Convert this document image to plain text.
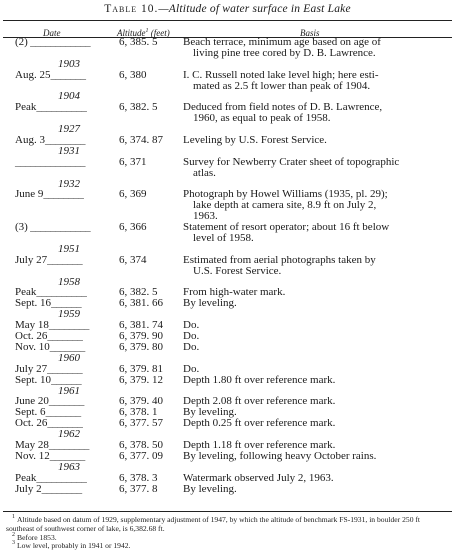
Table 10.—Altitude of water surface in East Lake
Date	Altitude$^1$ (feet)	Basis
(2) ____________	6, 385. 5	Beach terrace, minimum age based on age of
living pine tree cored by D. B. Lawrence.
1903
Aug. 25_______	6, 380	I. C. Russell noted lake level high; here esti-
mated as 2.5 ft lower than peak of 1904.
1904
Peak__________	6, 382. 5	Deduced from field notes of D. B. Lawrence,
1960, as equal to peak of 1958.
1927
Aug. 3________	6, 374. 87	Leveling by U.S. Forest Service.
1931
______________	6, 371	Survey for Newberry Crater sheet of topographic
atlas.
1932
June 9________	6, 369	Photograph by Howel Williams (1935, pl. 29);
lake depth at camera site, 8.9 ft on July 2,
1963.
(3) ____________	6, 366	Statement of resort operator; about 16 ft below
level of 1958.
1951
July 27_______	6, 374	Estimated from aerial photographs taken by
U.S. Forest Service.
1958
Peak__________	6, 382. 5	From high-water mark.
Sept. 16______	6, 381. 66	By leveling.
1959
May 18________	6, 381. 74	Do.
Oct. 26_______	6, 379. 90	Do.
Nov. 10_______	6, 379. 80	Do.
1960
July 27_______	6, 379. 81	Do.
Sept. 10______	6, 379. 12	Depth 1.80 ft over reference mark.
1961
June 20_______	6, 379. 40	Depth 2.08 ft over reference mark.
Sept. 6_______	6, 378. 1	By leveling.
Oct. 26_______	6, 377. 57	Depth 0.25 ft over reference mark.
1962
May 28________	6, 378. 50	Depth 1.18 ft over reference mark.
Nov. 12_______	6, 377. 09	By leveling, following heavy October rains.
1963
Peak__________	6, 378. 3	Watermark observed July 2, 1963.
July 2________	6, 377. 8	By leveling.
$^1$ Altitude based on datum of 1929, supplementary adjustment of 1947, by which the altitude of benchmark FS-1931, in boulder 250 ft southeast of southwest corner of lake, is 6,382.68 ft.
$^2$ Before 1853.
$^3$ Low level, probably in 1941 or 1942.
